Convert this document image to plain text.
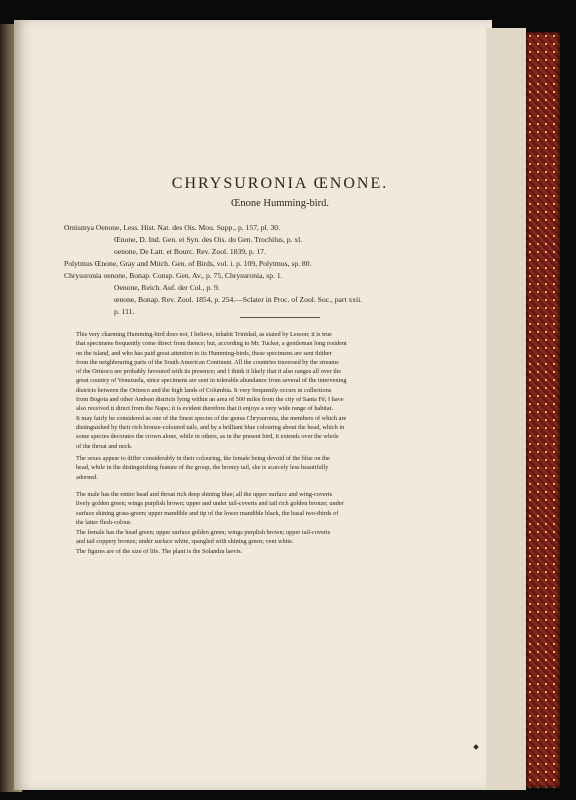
CHRYSURONIA ŒNONE.
Œnone Humming-bird.
Ornismya Oenone, Less. Hist. Nat. des Ois. Mou. Supp., p. 157, pl. 30.
Œnone, D. Ind. Gen. et Syn. des Ois. du Gen. Trochilus, p. xl.
oenone, De Latt. et Bourc. Rev. Zool. 1839, p. 17.
Polytmus Œnone, Gray and Mitch. Gen. of Birds, vol. i. p. 109, Polytmus, sp. 80.
Chrysuronia oenone, Bonap. Consp. Gen. Av., p. 75, Chrysuronia, sp. 1.
Oenone, Reich. Auf. der Col., p. 9.
œnone, Bonap. Rev. Zool. 1854, p. 254.—Sclater in Proc. of Zool. Soc., part xxii.
p. 111.
This very charming Humming-bird does not, I believe, inhabit Trinidad, as stated by Lesson; it is true
that specimens frequently come direct from thence; but, according to Mr. Tucker, a gentleman long resident
on the island, and who has paid great attention to its Humming-birds, these specimens are sent thither
from the neighbouring parts of the South American Continent. All the countries traversed by the streams
of the Orinoco are probably favoured with its presence; and I think it likely that it also ranges all over the
great country of Venezuela, since specimens are sent in tolerable abundance from several of the intervening
districts between the Orinoco and the high lands of Columbia. It very frequently occurs in collections
from Bogota and other Andean districts lying within an area of 500 miles from the city of Santa Fé; I have
also received it direct from the Napo; it is evident therefore that it enjoys a very wide range of habitat.
It may fairly be considered as one of the finest species of the genus Chrysuronia, the members of which are
distinguished by their rich bronze-coloured tails, and by a brilliant blue colouring about the head, which in
some species decorates the crown alone, while in others, as in the present bird, it extends over the whole
of the throat and neck.
The sexes appear to differ considerably in their colouring, the female being devoid of the blue on the
head, while in the distinguishing feature of the group, the bronzy tail, she is scarcely less beautifully
adorned.
The male has the entire head and throat rich deep shining blue; all the upper surface and wing-coverts
lively golden green; wings purplish brown; upper and under tail-coverts and tail rich golden bronze; under
surface shining grass-green; upper mandible and tip of the lower mandible black, the basal two-thirds of
the latter flesh-colour.
The female has the head green; upper surface golden green; wings purplish brown; upper tail-coverts
and tail coppery bronze; under surface white, spangled with shining green; vent white.
The figures are of the size of life. The plant is the Solandra laevis.
